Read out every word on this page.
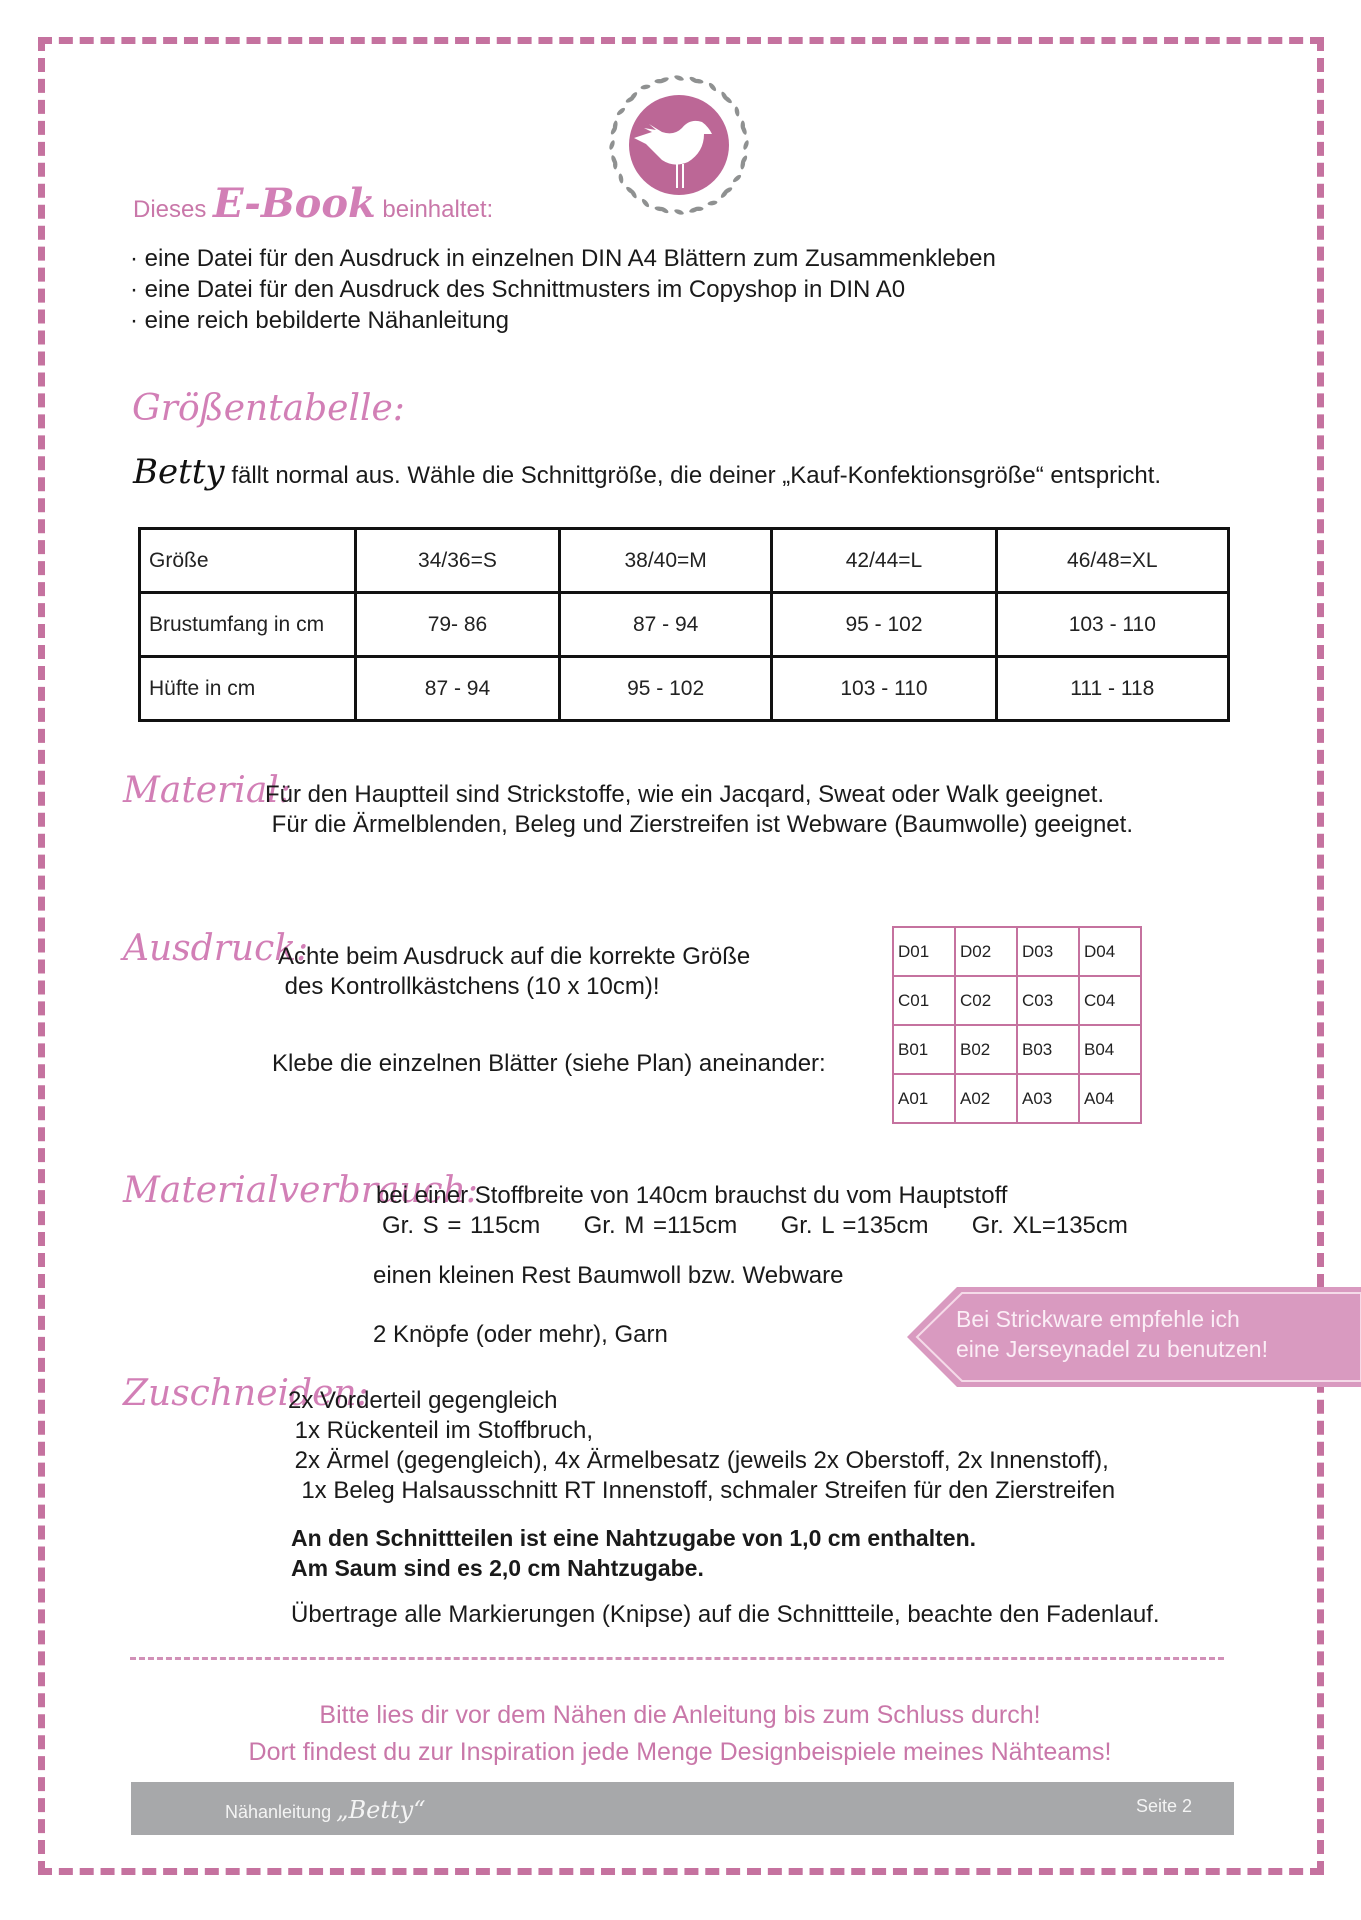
Dieses E-Book beinhaltet:
· eine Datei für den Ausdruck in einzelnen DIN A4 Blättern zum Zusammenkleben
· eine Datei für den Ausdruck des Schnittmusters im Copyshop in DIN A0
· eine reich bebilderte Nähanleitung
Größentabelle:
Betty fällt normal aus. Wähle die Schnittgröße, die deiner „Kauf-Konfektionsgröße“ entspricht.
Größe	34/36=S	38/40=M	42/44=L	46/48=XL
Brustumfang in cm	79- 86	87 - 94	95 - 102	103 - 110
Hüfte in cm	87 - 94	95 - 102	103 - 110	111 - 118
Material:
Für den Hauptteil sind Strickstoffe, wie ein Jacqard, Sweat oder Walk geeignet.
Für die Ärmelblenden, Beleg und Zierstreifen ist Webware (Baumwolle) geeignet.
Ausdruck:
Achte beim Ausdruck auf die korrekte Größe
des Kontrollkästchens (10 x 10cm)!
Klebe die einzelnen Blätter (siehe Plan) aneinander:
D01	D02	D03	D04
C01	C02	C03	C04
B01	B02	B03	B04
A01	A02	A03	A04
Materialverbrauch:
bei einer Stoffbreite von 140cm brauchst du vom Hauptstoff
Gr. S = 115cm Gr. M =115cm Gr. L =135cm Gr. XL=135cm
einen kleinen Rest Baumwoll bzw. Webware
2 Knöpfe (oder mehr), Garn
Bei Strickware empfehle ich
eine Jerseynadel zu benutzen!
Zuschneiden:
2x Vorderteil gegengleich
1x Rückenteil im Stoffbruch,
2x Ärmel (gegengleich), 4x Ärmelbesatz (jeweils 2x Oberstoff, 2x Innenstoff),
1x Beleg Halsausschnitt RT Innenstoff, schmaler Streifen für den Zierstreifen
An den Schnittteilen ist eine Nahtzugabe von 1,0 cm enthalten.
Am Saum sind es 2,0 cm Nahtzugabe.
Übertrage alle Markierungen (Knipse) auf die Schnittteile, beachte den Fadenlauf.
Bitte lies dir vor dem Nähen die Anleitung bis zum Schluss durch!
Dort findest du zur Inspiration jede Menge Designbeispiele meines Nähteams!
Nähanleitung „Betty“	Seite 2
